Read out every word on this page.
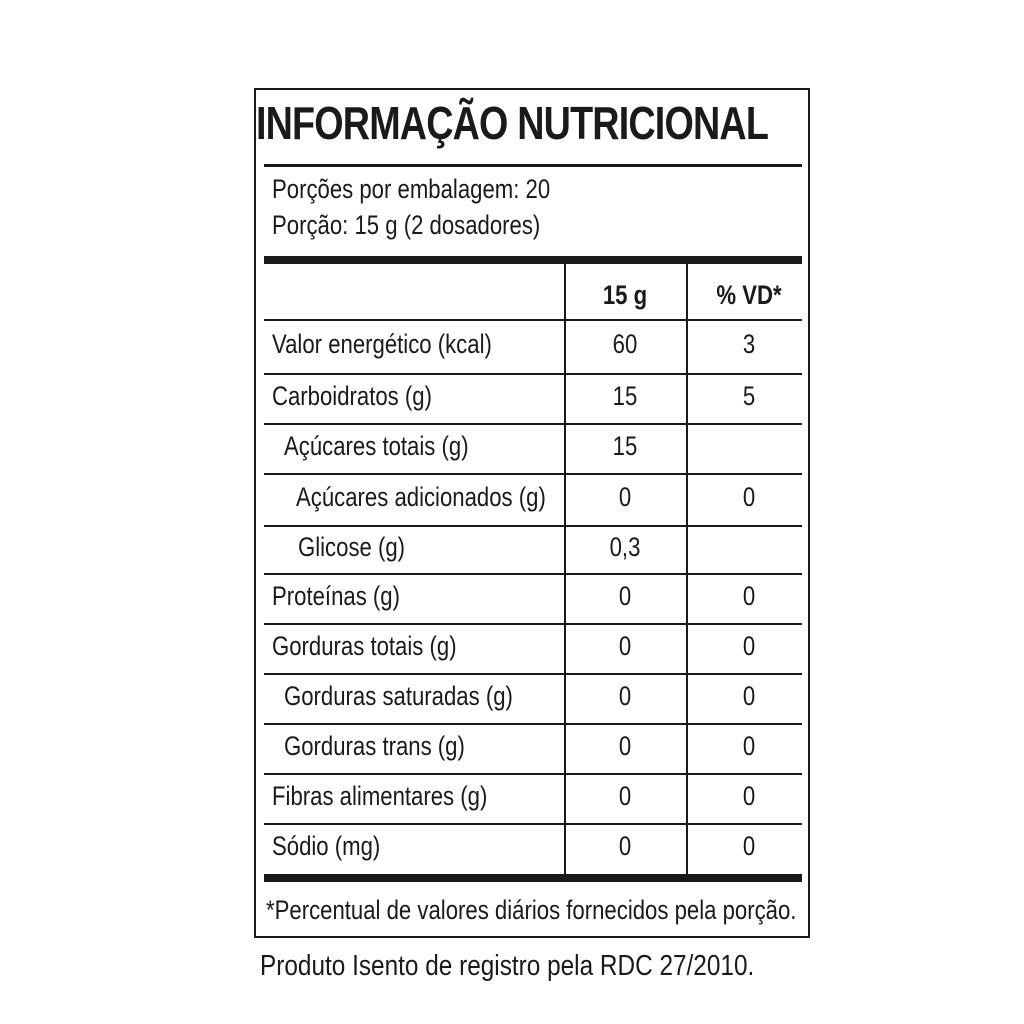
INFORMAÇÃO NUTRICIONAL
Porções por embalagem: 20
Porção: 15 g (2 dosadores)
15 g	% VD*
Valor energético (kcal)	60	3
Carboidratos (g)	15	5
Açúcares totais (g)	15
Açúcares adicionados (g)	0	0
Glicose (g)	0,3
Proteínas (g)	0	0
Gorduras totais (g)	0	0
Gorduras saturadas (g)	0	0
Gorduras trans (g)	0	0
Fibras alimentares (g)	0	0
Sódio (mg)	0	0
*Percentual de valores diários fornecidos pela porção.
Produto Isento de registro pela RDC 27/2010.
